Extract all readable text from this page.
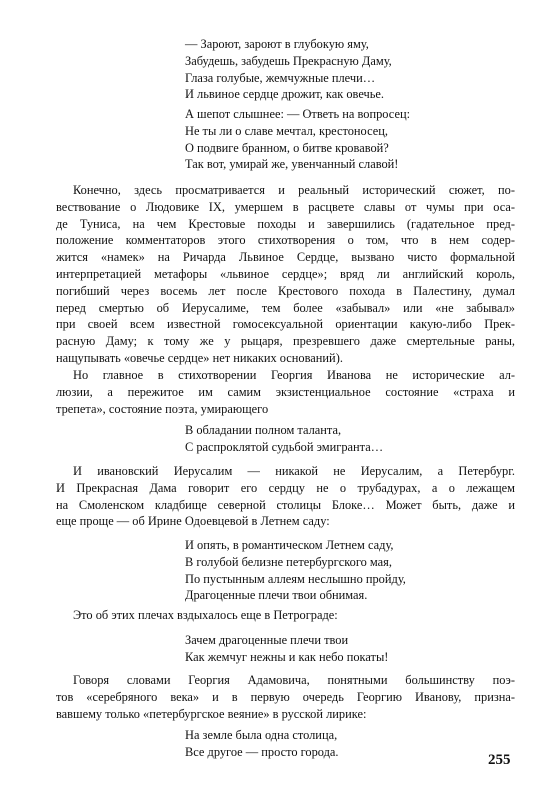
— Зароют, зароют в глубокую яму,
Забудешь, забудешь Прекрасную Даму,
Глаза голубые, жемчужные плечи…
И львиное сердце дрожит, как овечье.
А шепот слышнее: — Ответь на вопросец:
Не ты ли о славе мечтал, крестоносец,
О подвиге бранном, о битве кровавой?
Так вот, умирай же, увенчанный славой!
Конечно, здесь просматривается и реальный исторический сюжет, по-
вествование о Людовике IX, умершем в расцвете славы от чумы при оса-
де Туниса, на чем Крестовые походы и завершились (гадательное пред-
положение комментаторов этого стихотворения о том, что в нем содер-
жится «намек» на Ричарда Львиное Сердце, вызвано чисто формальной
интерпретацией метафоры «львиное сердце»; вряд ли английский король,
погибший через восемь лет после Крестового похода в Палестину, думал
перед смертью об Иерусалиме, тем более «забывал» или «не забывал»
при своей всем известной гомосексуальной ориентации какую-либо Прек-
расную Даму; к тому же у рыцаря, презревшего даже смертельные раны,
нащупывать «овечье сердце» нет никаких оснований).
Но главное в стихотворении Георгия Иванова не исторические ал-
люзии, а пережитое им самим экзистенциальное состояние «страха и
трепета», состояние поэта, умирающего
В обладании полном таланта,
С распроклятой судьбой эмигранта…
И ивановский Иерусалим — никакой не Иерусалим, а Петербург.
И Прекрасная Дама говорит его сердцу не о трубадурах, а о лежащем
на Смоленском кладбище северной столицы Блоке… Может быть, даже и
еще проще — об Ирине Одоевцевой в Летнем саду:
И опять, в романтическом Летнем саду,
В голубой белизне петербургского мая,
По пустынным аллеям неслышно пройду,
Драгоценные плечи твои обнимая.
Это об этих плечах вздыхалось еще в Петрограде:
Зачем драгоценные плечи твои
Как жемчуг нежны и как небо покаты!
Говоря словами Георгия Адамовича, понятными большинству поэ-
тов «серебряного века» и в первую очередь Георгию Иванову, призна-
вавшему только «петербургское веяние» в русской лирике:
На земле была одна столица,
Все другое — просто города.
255
